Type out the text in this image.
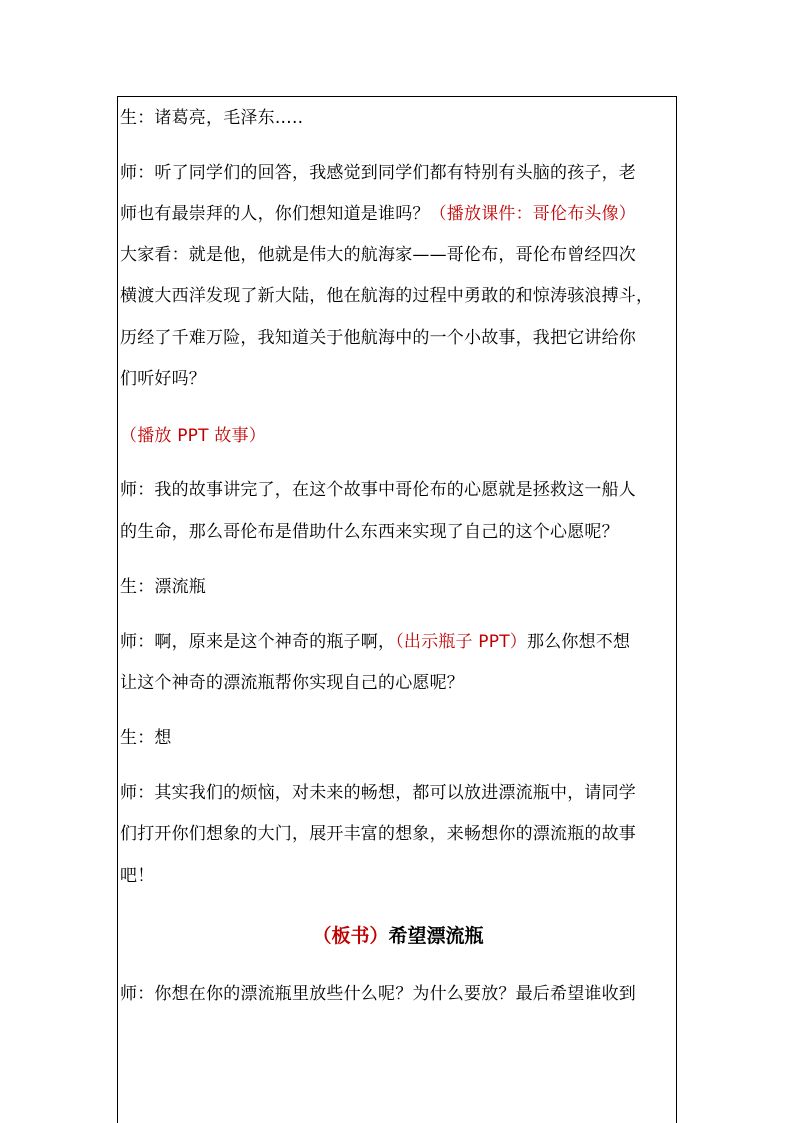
生：诸葛亮，毛泽东…..
师：听了同学们的回答，我感觉到同学们都有特别有头脑的孩子，老
师也有最崇拜的人，你们想知道是谁吗？（播放课件：哥伦布头像）
大家看：就是他，他就是伟大的航海家——哥伦布，哥伦布曾经四次
横渡大西洋发现了新大陆，他在航海的过程中勇敢的和惊涛骇浪搏斗，
历经了千难万险，我知道关于他航海中的一个小故事，我把它讲给你
们听好吗？
（播放 PPT 故事）
师：我的故事讲完了，在这个故事中哥伦布的心愿就是拯救这一船人
的生命，那么哥伦布是借助什么东西来实现了自己的这个心愿呢？
生：漂流瓶
师：啊，原来是这个神奇的瓶子啊，（出示瓶子 PPT）那么你想不想
让这个神奇的漂流瓶帮你实现自己的心愿呢？
生：想
师：其实我们的烦恼，对未来的畅想，都可以放进漂流瓶中，请同学
们打开你们想象的大门，展开丰富的想象，来畅想你的漂流瓶的故事
吧！
（板书）希望漂流瓶
师：你想在你的漂流瓶里放些什么呢？为什么要放？最后希望谁收到
